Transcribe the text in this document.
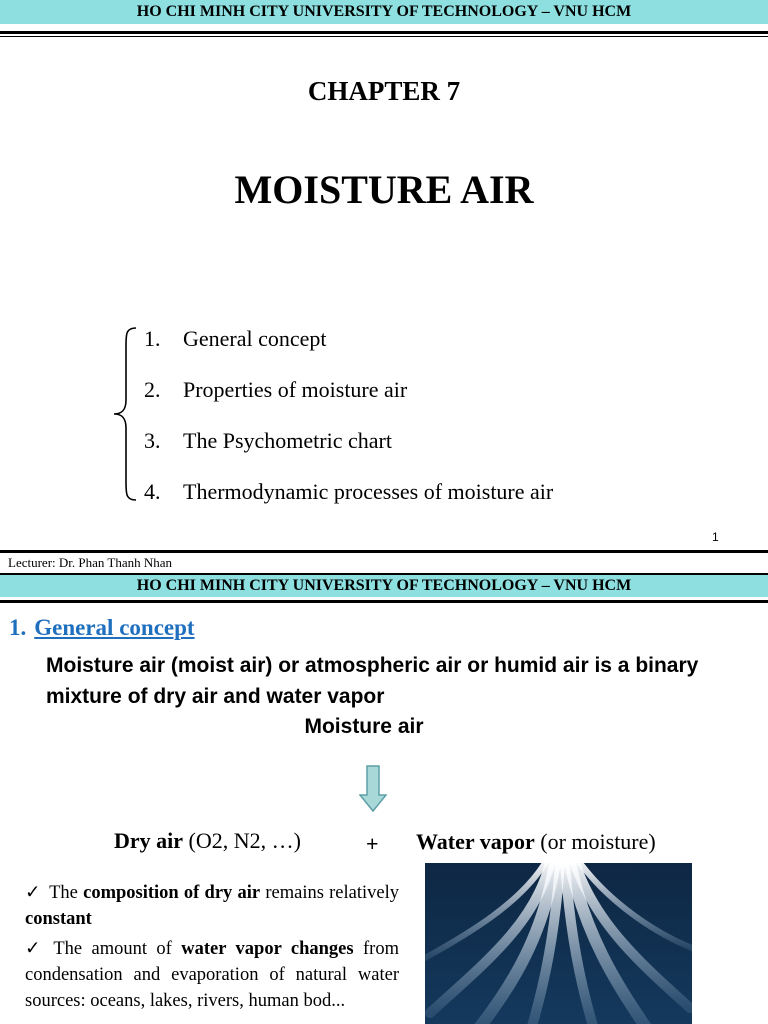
HO CHI MINH CITY UNIVERSITY OF TECHNOLOGY – VNU HCM
CHAPTER 7
MOISTURE AIR
1.	General concept
2.	Properties of moisture air
3.	The Psychometric chart
4.	Thermodynamic processes of moisture air
1
Lecturer: Dr. Phan Thanh Nhan
HO CHI MINH CITY UNIVERSITY OF TECHNOLOGY – VNU HCM
1. General concept
Moisture air (moist air) or atmospheric air or humid air is a binary mixture of dry air and water vapor
Moisture air
Dry air (O2, N2, …)	+ Water vapor (or moisture)

✓ The composition of dry air remains relatively constant

✓ The amount of water vapor changes from condensation and evaporation of natural water sources: oceans, lakes, rivers, human bod...
